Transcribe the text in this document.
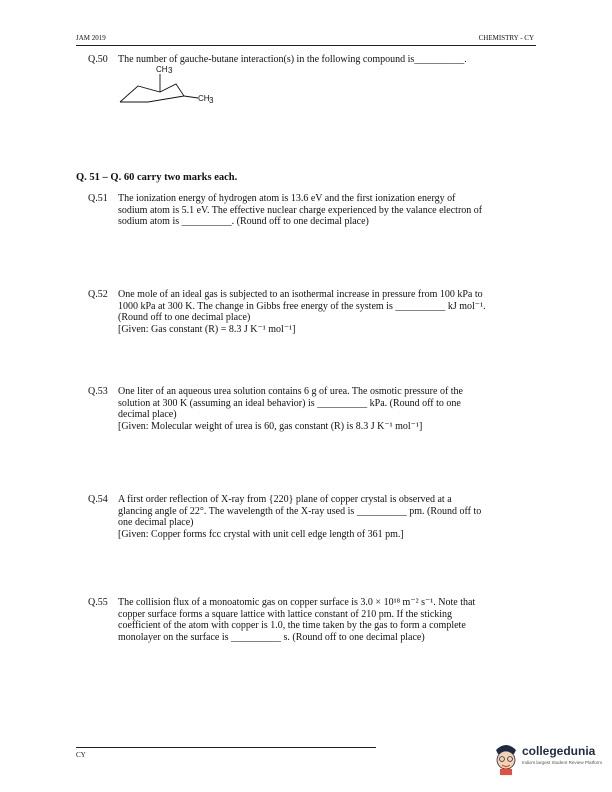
JAM 2019	CHEMISTRY - CY
Q.50 The number of gauche-butane interaction(s) in the following compound is__________.
CH 3
CH 3
Q. 51 – Q. 60 carry two marks each.
Q.51 The ionization energy of hydrogen atom is 13.6 eV and the first ionization energy of
sodium atom is 5.1 eV. The effective nuclear charge experienced by the valance electron of
sodium atom is __________. (Round off to one decimal place)
Q.52 One mole of an ideal gas is subjected to an isothermal increase in pressure from 100 kPa to
1000 kPa at 300 K. The change in Gibbs free energy of the system is __________ kJ mol⁻¹.
(Round off to one decimal place)
[Given: Gas constant (R) = 8.3 J K⁻¹ mol⁻¹]
Q.53 One liter of an aqueous urea solution contains 6 g of urea. The osmotic pressure of the
solution at 300 K (assuming an ideal behavior) is __________ kPa. (Round off to one
decimal place)
[Given: Molecular weight of urea is 60, gas constant (R) is 8.3 J K⁻¹ mol⁻¹]
Q.54 A first order reflection of X-ray from {220} plane of copper crystal is observed at a
glancing angle of 22°. The wavelength of the X-ray used is __________ pm. (Round off to
one decimal place)
[Given: Copper forms fcc crystal with unit cell edge length of 361 pm.]
Q.55 The collision flux of a monoatomic gas on copper surface is 3.0 × 10¹⁸ m⁻² s⁻¹. Note that
copper surface forms a square lattice with lattice constant of 210 pm. If the sticking
coefficient of the atom with copper is 1.0, the time taken by the gas to form a complete
monolayer on the surface is __________ s. (Round off to one decimal place)
CY	collegedunia
India's largest Student Review Platform
